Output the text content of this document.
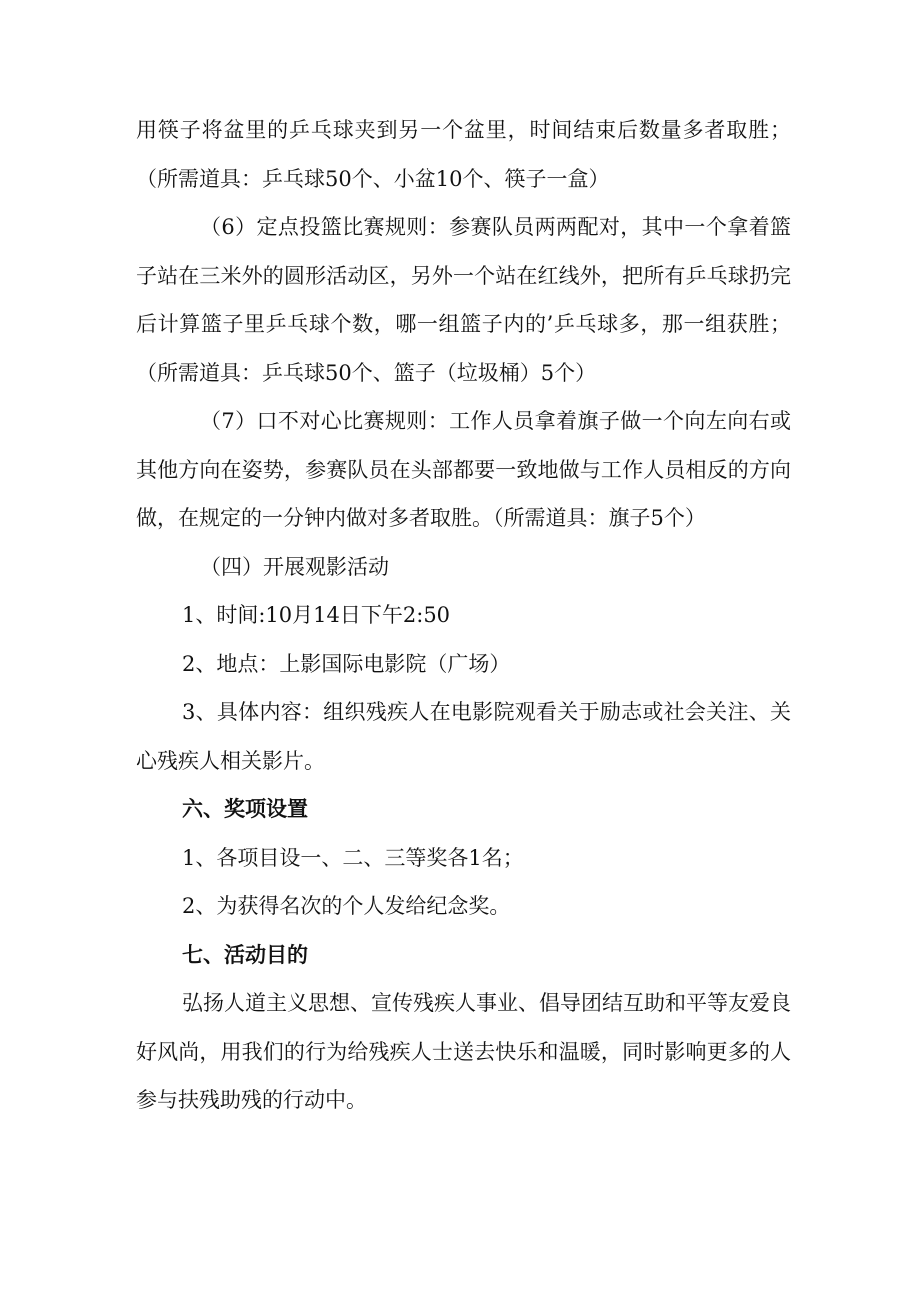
用筷子将盆里的乒乓球夹到另一个盆里，时间结束后数量多者取胜；（所需道具：乒乓球50个、小盆10个、筷子一盒）

（6）定点投篮比赛规则：参赛队员两两配对，其中一个拿着篮子站在三米外的圆形活动区，另外一个站在红线外，把所有乒乓球扔完后计算篮子里乒乓球个数，哪一组篮子内的’乒乓球多，那一组获胜；（所需道具：乒乓球50个、篮子（垃圾桶）5个）

（7）口不对心比赛规则：工作人员拿着旗子做一个向左向右或其他方向在姿势，参赛队员在头部都要一致地做与工作人员相反的方向做，在规定的一分钟内做对多者取胜。（所需道具：旗子5个）

（四）开展观影活动

1、时间:10月14日下午2:50

2、地点：上影国际电影院（广场）

3、具体内容：组织残疾人在电影院观看关于励志或社会关注、关心残疾人相关影片。

六、奖项设置

1、各项目设一、二、三等奖各1名；

2、为获得名次的个人发给纪念奖。

七、活动目的

弘扬人道主义思想、宣传残疾人事业、倡导团结互助和平等友爱良好风尚，用我们的行为给残疾人士送去快乐和温暖，同时影响更多的人参与扶残助残的行动中。
